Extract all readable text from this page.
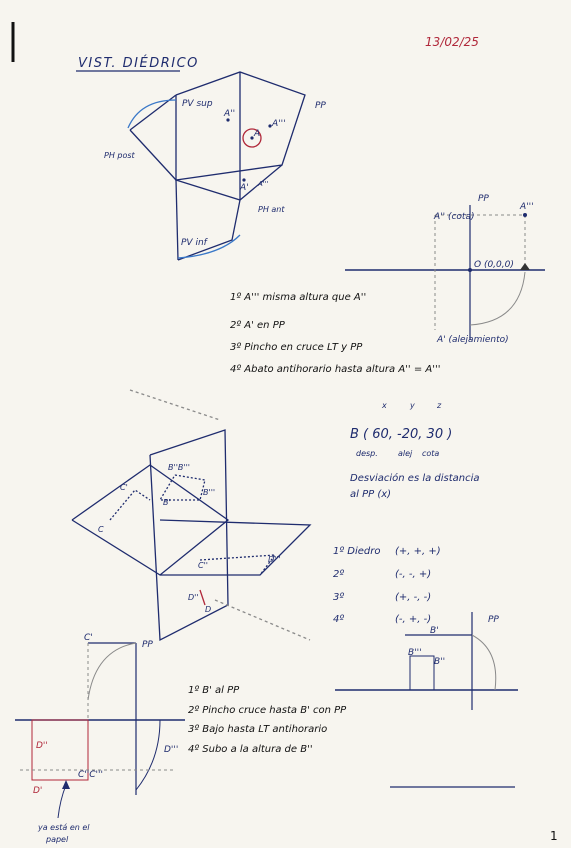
VIST. DIÉDRICO
13/02/25
PV sup	PP
PH post
PH ant
PV inf
A''
A'''
A
A' A'''
PP
A'' (cota)
A'''
O (0,0,0)
A' (alejamiento)
1º A''' misma altura que A''
2º A' en PP
3º Pincho en cruce LT y PP
4º Abato antihorario hasta altura A'' = A'''
B''B'''
B'
B'''
C'
C
C''
D'''
D''
D
x	y	z
B ( 60, -20, 30 )
desp.	alej cota
Desviación es la distancia
al PP (x)
1º Diedro (+, +, +)
2º	(-, -, +)
3º	(+, -, -)
4º	(-, +, -)	PP
B'
B'''
B''
C'
PP
D''	D'''
C''C'''
D'
1º B' al PP
2º Pincho cruce hasta B' con PP
3º Bajo hasta LT antihorario
4º Subo a la altura de B''
ya está en el
papel	1
